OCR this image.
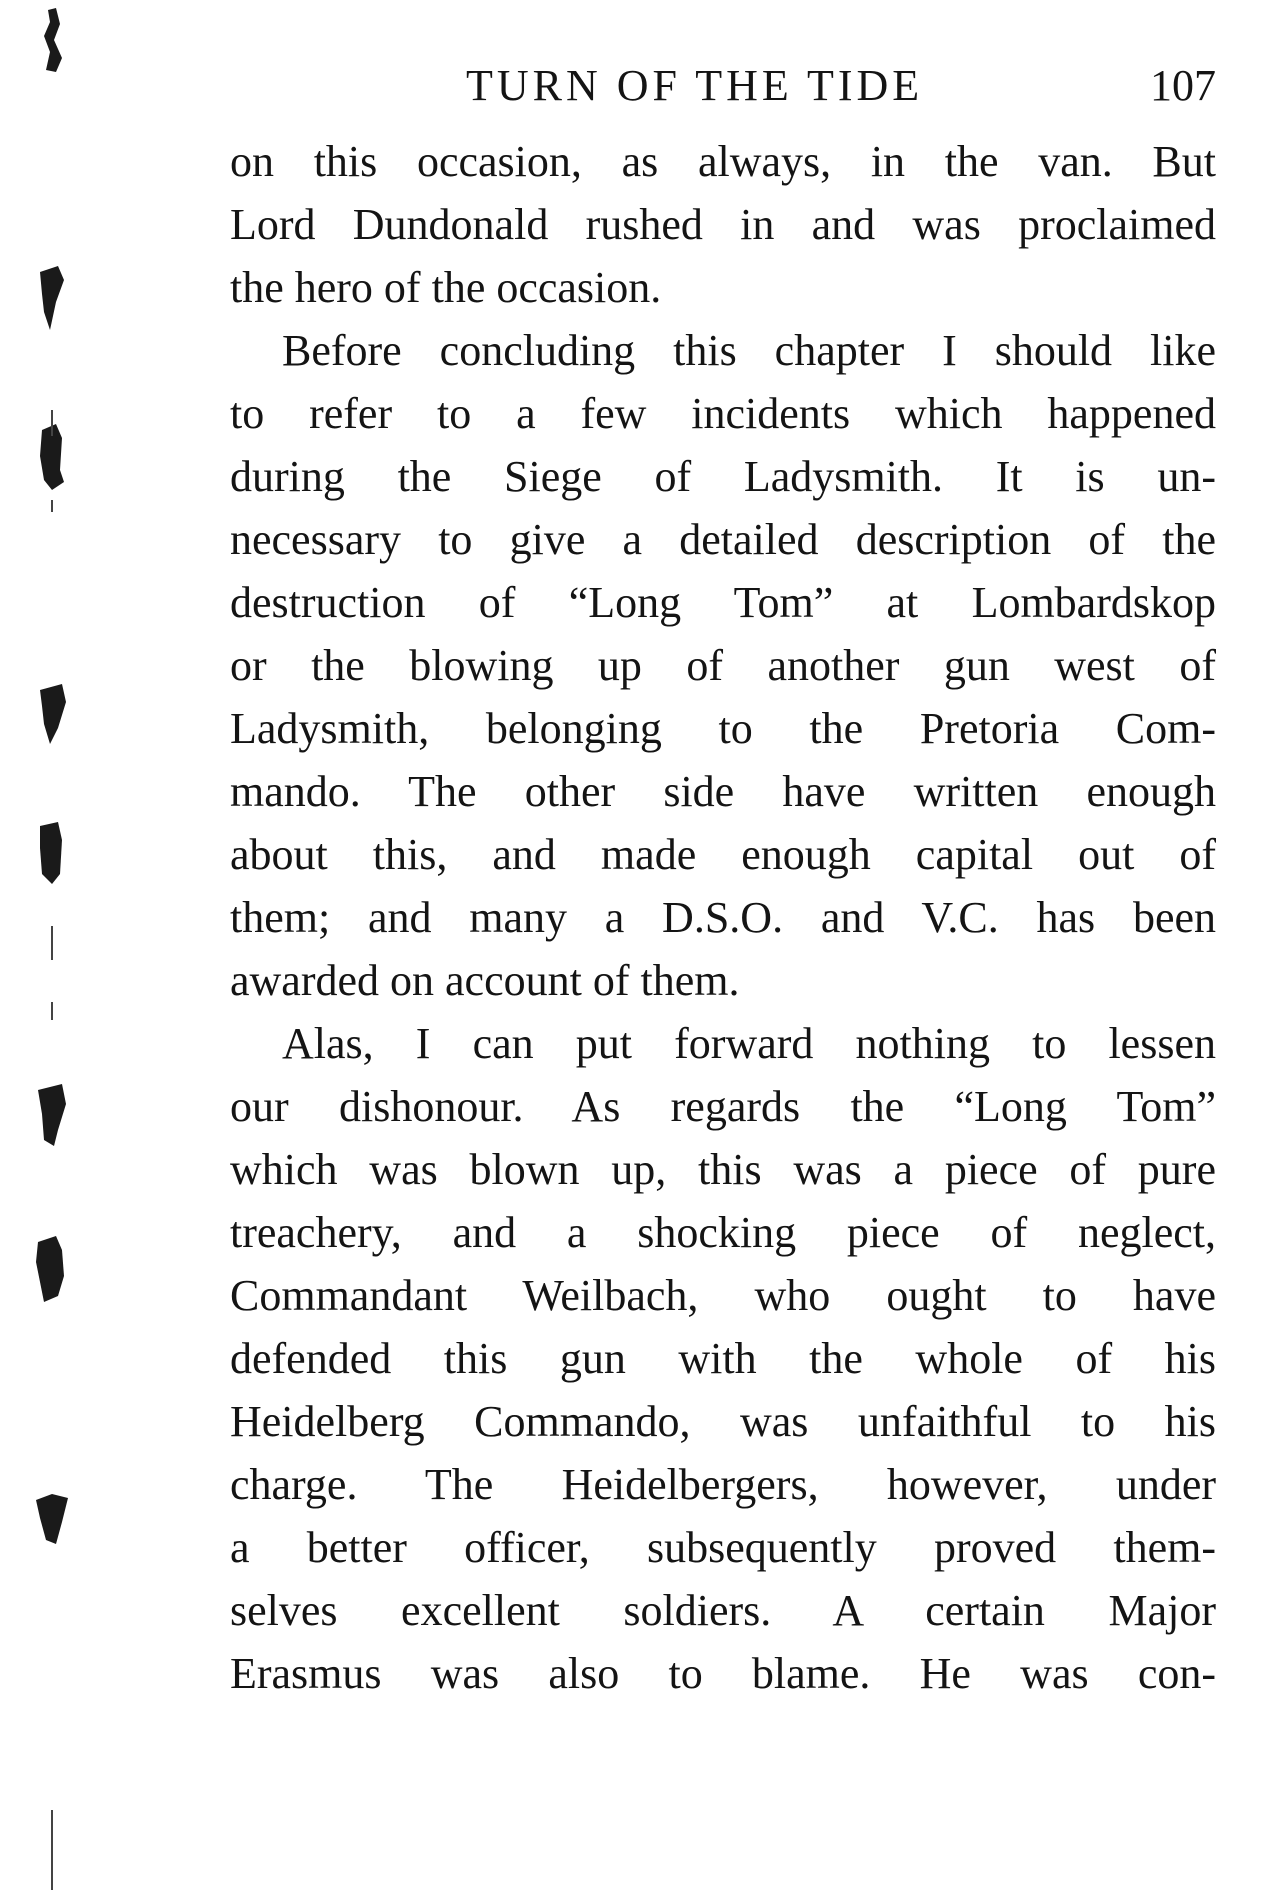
TURN OF THE TIDE	107
on this occasion, as always, in the van. But
Lord Dundonald rushed in and was proclaimed
the hero of the occasion.
Before concluding this chapter I should like
to refer to a few incidents which happened
during the Siege of Ladysmith. It is un-
necessary to give a detailed description of the
destruction of “Long Tom” at Lombardskop
or the blowing up of another gun west of
Ladysmith, belonging to the Pretoria Com-
mando. The other side have written enough
about this, and made enough capital out of
them; and many a D.S.O. and V.C. has been
awarded on account of them.
Alas, I can put forward nothing to lessen
our dishonour. As regards the “Long Tom”
which was blown up, this was a piece of pure
treachery, and a shocking piece of neglect,
Commandant Weilbach, who ought to have
defended this gun with the whole of his
Heidelberg Commando, was unfaithful to his
charge. The Heidelbergers, however, under
a better officer, subsequently proved them-
selves excellent soldiers. A certain Major
Erasmus was also to blame. He was con-
